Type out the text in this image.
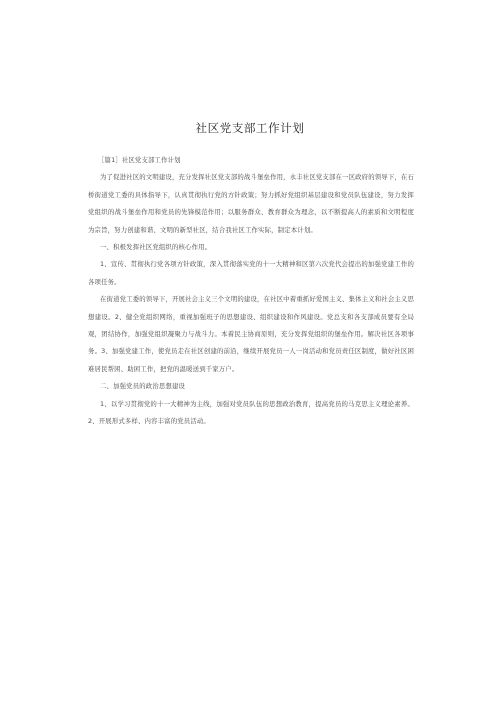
社区党支部工作计划

［篇1］社区党支部工作计划

为了促进社区的文明建设，充分发挥社区党支部的战斗堡垒作用，永丰社区党支部在一区政府的领导下，在石桥街道党工委的具体指导下，认真贯彻执行党的方针政策；努力抓好党组织基层建设和党员队伍建设，努力发挥党组织的战斗堡垒作用和党员的先锋模范作用；以服务群众、教育群众为理念，以不断提高人的素质和文明程度为宗旨，努力创建和谐、文明的新型社区，结合我社区工作实际，制定本计划。

一、积极发挥社区党组织的核心作用。

1、宣传、贯彻执行党各项方针政策，深入贯彻落实党的十一大精神和区第六次党代会提出的加强党建工作的各项任务。

在街道党工委的领导下，开展社会主义三个文明的建设，在社区中着重抓好爱国主义、集体主义和社会主义思想建设。2、健全党组织网络，重视加强班子的思想建设、组织建设和作风建设。党总支和各支部成员要有全局观，团结协作，加强党组织凝聚力与战斗力。本着民主协商原则，充分发挥党组织的堡垒作用。解决社区各项事务。3、加强党建工作，使党员走在社区创建的前沿，继续开展党员一人一岗活动和党员责任区制度，做好社区困难居民帮困、助困工作，把党的温暖送到千家万户。

二、加强党员的政治思想建设

1、以学习贯彻党的十一大精神为主线，加强对党员队伍的思想政治教育，提高党员的马克思主义理论素养。2、开展形式多样、内容丰富的党员活动。
